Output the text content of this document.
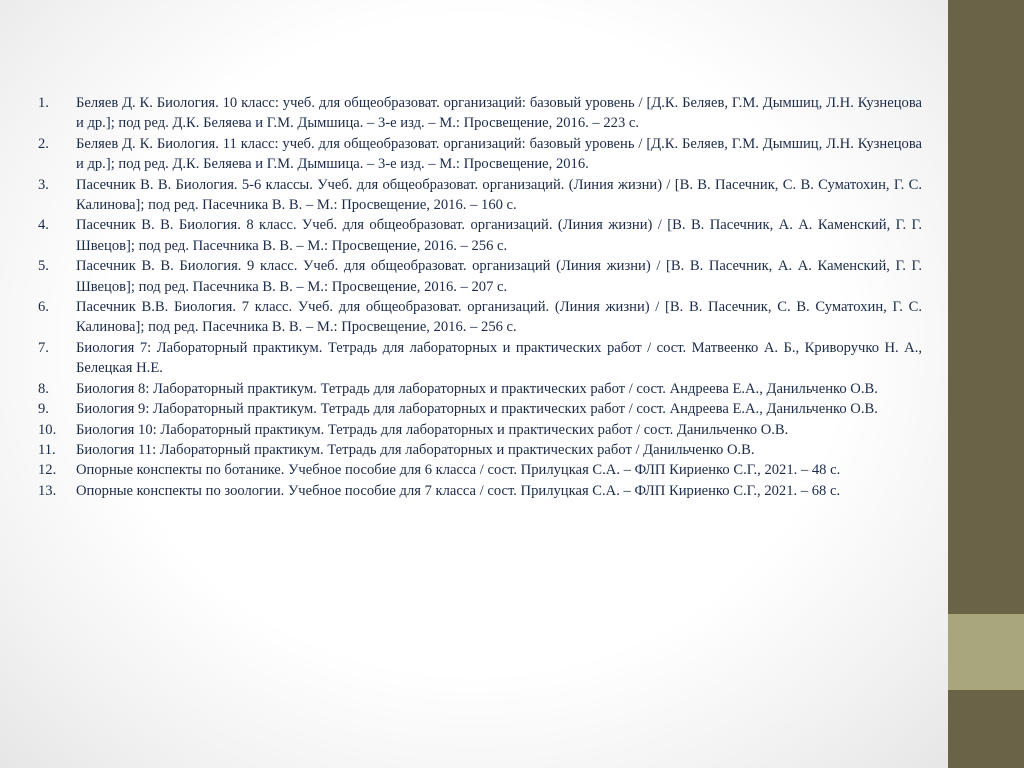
1. Беляев Д. К. Биология. 10 класс: учеб. для общеобразоват. организаций: базовый уровень / [Д.К. Беляев, Г.М. Дымшиц, Л.Н. Кузнецова и др.]; под ред. Д.К. Беляева и Г.М. Дымшица. – 3-е изд. – М.: Просвещение, 2016. – 223 с.
2. Беляев Д. К. Биология. 11 класс: учеб. для общеобразоват. организаций: базовый уровень / [Д.К. Беляев, Г.М. Дымшиц, Л.Н. Кузнецова и др.]; под ред. Д.К. Беляева и Г.М. Дымшица. – 3-е изд. – М.: Просвещение, 2016.
3. Пасечник В. В. Биология. 5-6 классы. Учеб. для общеобразоват. организаций. (Линия жизни) / [В. В. Пасечник, С. В. Суматохин, Г. С. Калинова]; под ред. Пасечника В. В. – М.: Просвещение, 2016. – 160 с.
4. Пасечник В. В. Биология. 8 класс. Учеб. для общеобразоват. организаций. (Линия жизни) / [В. В. Пасечник, А. А. Каменский, Г. Г. Швецов]; под ред. Пасечника В. В. – М.: Просвещение, 2016. – 256 с.
5. Пасечник В. В. Биология. 9 класс. Учеб. для общеобразоват. организаций (Линия жизни) / [В. В. Пасечник, А. А. Каменский, Г. Г. Швецов]; под ред. Пасечника В. В. – М.: Просвещение, 2016. – 207 с.
6. Пасечник В.В. Биология. 7 класс. Учеб. для общеобразоват. организаций. (Линия жизни) / [В. В. Пасечник, С. В. Суматохин, Г. С. Калинова]; под ред. Пасечника В. В. – М.: Просвещение, 2016. – 256 с.
7. Биология 7: Лабораторный практикум. Тетрадь для лабораторных и практических работ / сост. Матвеенко А. Б., Криворучко Н. А., Белецкая Н.Е.
8. Биология 8: Лабораторный практикум. Тетрадь для лабораторных и практических работ / сост. Андреева Е.А., Данильченко О.В.
9. Биология 9: Лабораторный практикум. Тетрадь для лабораторных и практических работ / сост. Андреева Е.А., Данильченко О.В.
10. Биология 10: Лабораторный практикум. Тетрадь для лабораторных и практических работ / сост. Данильченко О.В.
11. Биология 11: Лабораторный практикум. Тетрадь для лабораторных и практических работ / Данильченко О.В.
12. Опорные конспекты по ботанике. Учебное пособие для 6 класса / сост. Прилуцкая С.А. – ФЛП Кириенко С.Г., 2021. – 48 с.
13. Опорные конспекты по зоологии. Учебное пособие для 7 класса / сост. Прилуцкая С.А. – ФЛП Кириенко С.Г., 2021. – 68 с.
